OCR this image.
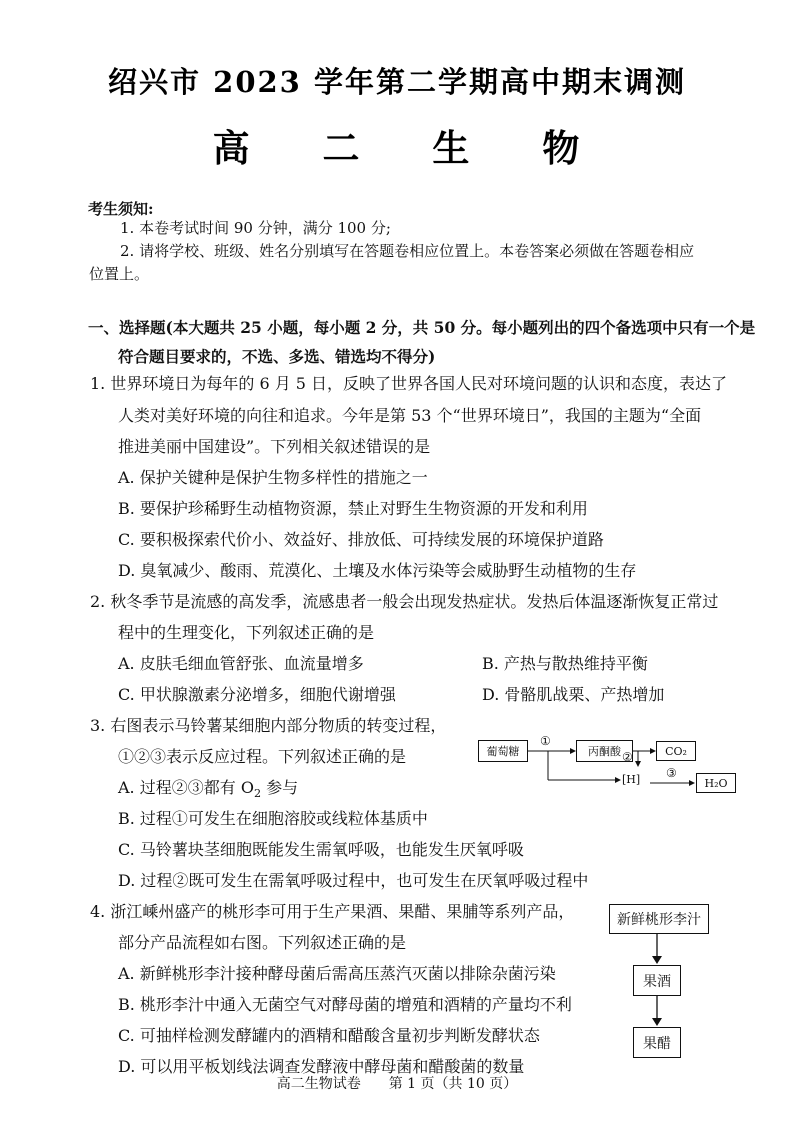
绍兴市 2023 学年第二学期高中期末调测
高 二 生 物
考生须知:
1. 本卷考试时间 90 分钟，满分 100 分;
2. 请将学校、班级、姓名分别填写在答题卷相应位置上。本卷答案必须做在答题卷相应
位置上。
一、选择题(本大题共 25 小题，每小题 2 分，共 50 分。每小题列出的四个备选项中只有一个是
符合题目要求的，不选、多选、错选均不得分)
1. 世界环境日为每年的 6 月 5 日，反映了世界各国人民对环境问题的认识和态度，表达了
人类对美好环境的向往和追求。今年是第 53 个“世界环境日”，我国的主题为“全面
推进美丽中国建设”。下列相关叙述错误的是
A. 保护关键种是保护生物多样性的措施之一
B. 要保护珍稀野生动植物资源，禁止对野生生物资源的开发和利用
C. 要积极探索代价小、效益好、排放低、可持续发展的环境保护道路
D. 臭氧减少、酸雨、荒漠化、土壤及水体污染等会威胁野生动植物的生存
2. 秋冬季节是流感的高发季，流感患者一般会出现发热症状。发热后体温逐渐恢复正常过
程中的生理变化，下列叙述正确的是
A. 皮肤毛细血管舒张、血流量增多	B. 产热与散热维持平衡
C. 甲状腺激素分泌增多，细胞代谢增强	D. 骨骼肌战栗、产热增加
3. 右图表示马铃薯某细胞内部分物质的转变过程，
①②③表示反应过程。下列叙述正确的是
A. 过程②③都有 $O_2$ 参与
B. 过程①可发生在细胞溶胶或线粒体基质中
C. 马铃薯块茎细胞既能发生需氧呼吸，也能发生厌氧呼吸
D. 过程②既可发生在需氧呼吸过程中，也可发生在厌氧呼吸过程中
葡萄糖	丙酮酸	CO₂
[H]	H₂O
①
②
③
4. 浙江嵊州盛产的桃形李可用于生产果酒、果醋、果脯等系列产品，
部分产品流程如右图。下列叙述正确的是
A. 新鲜桃形李汁接种酵母菌后需高压蒸汽灭菌以排除杂菌污染
B. 桃形李汁中通入无菌空气对酵母菌的增殖和酒精的产量均不利
C. 可抽样检测发酵罐内的酒精和醋酸含量初步判断发酵状态
D. 可以用平板划线法调查发酵液中酵母菌和醋酸菌的数量
新鲜桃形李汁
果酒
果醋
高二生物试卷　　第 1 页（共 10 页）
